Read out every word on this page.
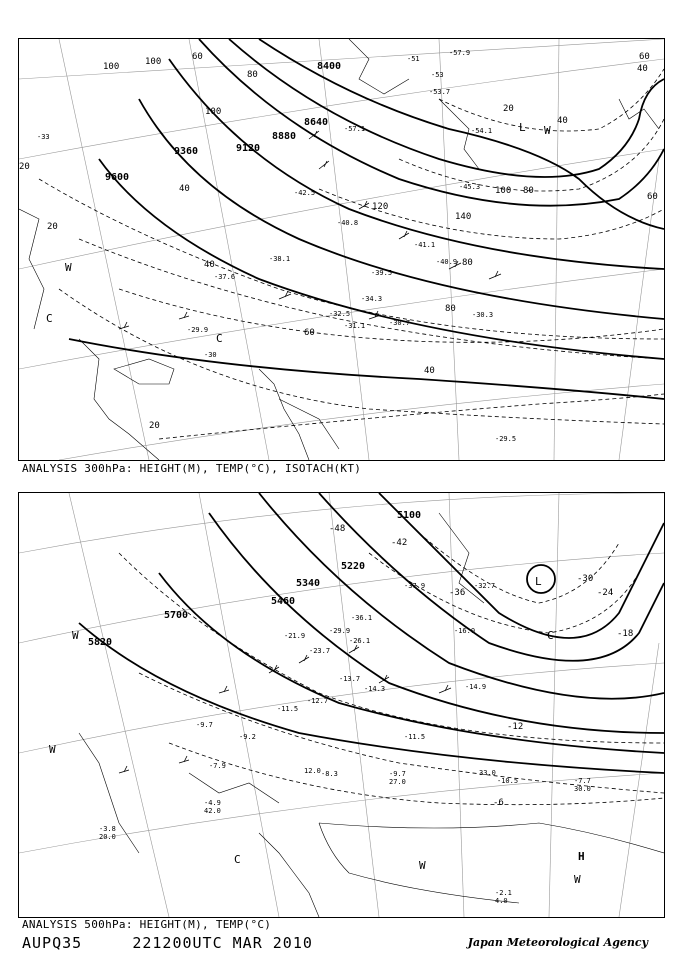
8400
8640
8880
9120
9360
9600
100	100
100
80
60
40
20
40
20
60
80
100
120
140
20
40
60
80
40
20
40
60
80
L W
C
W
C
-51
-53
-57.9
-53.7
-54.1
-45.3
-42.5
-40.8
-41.1
-39.5
-40.9
-38.1
-37.6
-34.3
-32.5
-31.1	-30.7
-30.3
-29.9
-30
-33
-29.5
-57.1
ANALYSIS 300hPa: HEIGHT(M), TEMP(°C), ISOTACH(KT)
5100
5220
5340
5460
5700
5820
-48
-42
-36
-30
-24
-18
-12
-6
L
C
W
W
C	W
H
W
-32.7
-37.9
-36.1
-29.9
-26.1
-23.7
-21.9
-13.7
-14.3
-12.7
-11.5
-9.7
-9.2
-10.5	-7.7
-7.9
-4.9
-3.8
-2.1
-8.3	-9.7
-11.5
-14.9
-16.0
33.0
30.0
42.0
20.0
4.0
27.0
12.0
ANALYSIS 500hPa: HEIGHT(M), TEMP(°C)
AUPQ35	221200UTC MAR 2010	Japan Meteorological Agency
